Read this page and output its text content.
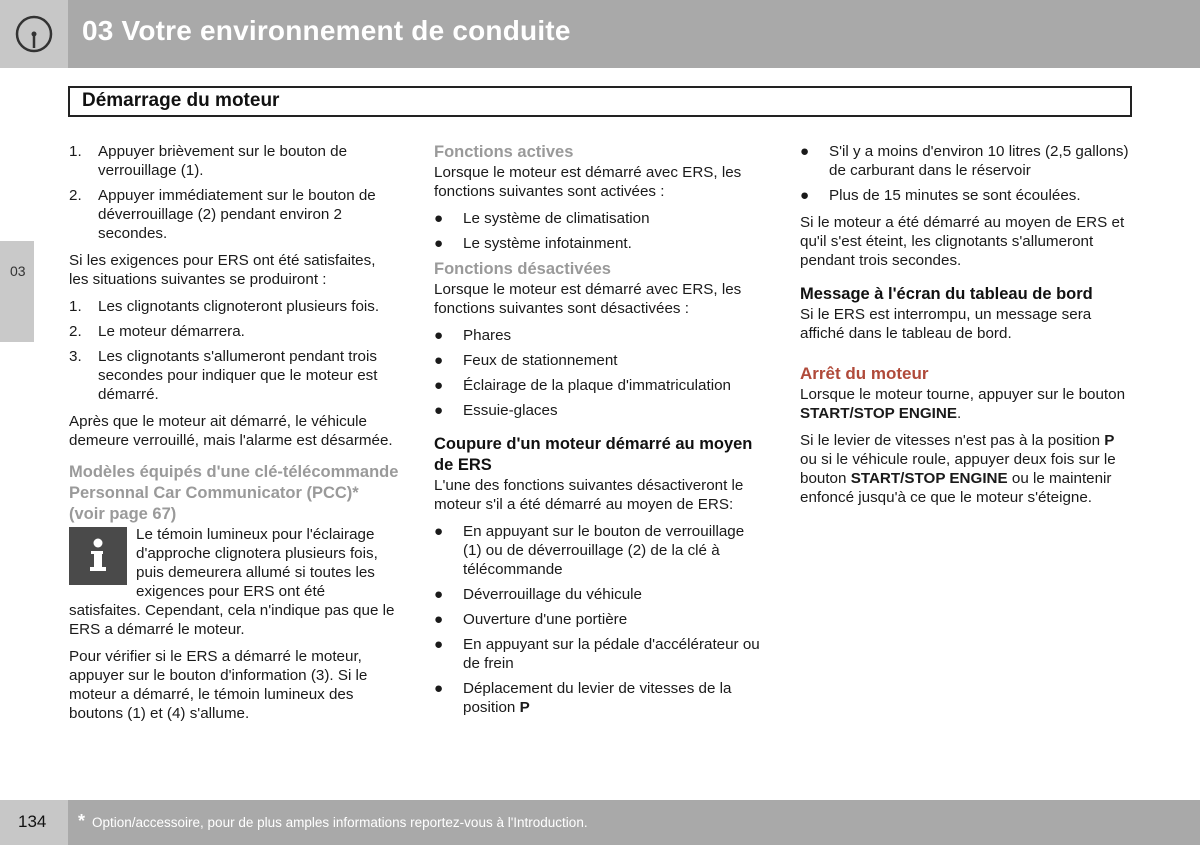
03 Votre environnement de conduite
Démarrage du moteur
03
1. Appuyer brièvement sur le bouton de verrouillage (1).
2. Appuyer immédiatement sur le bouton de déverrouillage (2) pendant environ 2 secondes.

Si les exigences pour ERS ont été satisfaites, les situations suivantes se produiront :

1. Les clignotants clignoteront plusieurs fois.
2. Le moteur démarrera.
3. Les clignotants s'allumeront pendant trois secondes pour indiquer que le moteur est démarré.

Après que le moteur ait démarré, le véhicule demeure verrouillé, mais l'alarme est désarmée.

Modèles équipés d'une clé-télécommande Personnal Car Communicator (PCC)* (voir page 67)

Le témoin lumineux pour l'éclairage d'approche clignotera plusieurs fois, puis demeurera allumé si toutes les exigences pour ERS ont été satisfaites. Cependant, cela n'indique pas que le ERS a démarré le moteur.

Pour vérifier si le ERS a démarré le moteur, appuyer sur le bouton d'information (3). Si le moteur a démarré, le témoin lumineux des boutons (1) et (4) s'allume.

Fonctions actives

Lorsque le moteur est démarré avec ERS, les fonctions suivantes sont activées :

● Le système de climatisation
● Le système infotainment.
Fonctions désactivées

Lorsque le moteur est démarré avec ERS, les fonctions suivantes sont désactivées :

● Phares
● Feux de stationnement
● Éclairage de la plaque d'immatriculation
● Essuie-glaces
Coupure d'un moteur démarré au moyen de ERS

L'une des fonctions suivantes désactiveront le moteur s'il a été démarré au moyen de ERS:

● En appuyant sur le bouton de verrouillage (1) ou de déverrouillage (2) de la clé à télécommande
● Déverrouillage du véhicule
● Ouverture d'une portière
● En appuyant sur la pédale d'accélérateur ou de frein
● Déplacement du levier de vitesses de la position P
● S'il y a moins d'environ 10 litres (2,5 gallons) de carburant dans le réservoir
● Plus de 15 minutes se sont écoulées.

Si le moteur a été démarré au moyen de ERS et qu'il s'est éteint, les clignotants s'allumeront pendant trois secondes.

Message à l'écran du tableau de bord

Si le ERS est interrompu, un message sera affiché dans le tableau de bord.

Arrêt du moteur

Lorsque le moteur tourne, appuyer sur le bouton START/STOP ENGINE.

Si le levier de vitesses n'est pas à la position P ou si le véhicule roule, appuyer deux fois sur le bouton START/STOP ENGINE ou le maintenir enfoncé jusqu'à ce que le moteur s'éteigne.

134 * Option/accessoire, pour de plus amples informations reportez-vous à l'Introduction.
